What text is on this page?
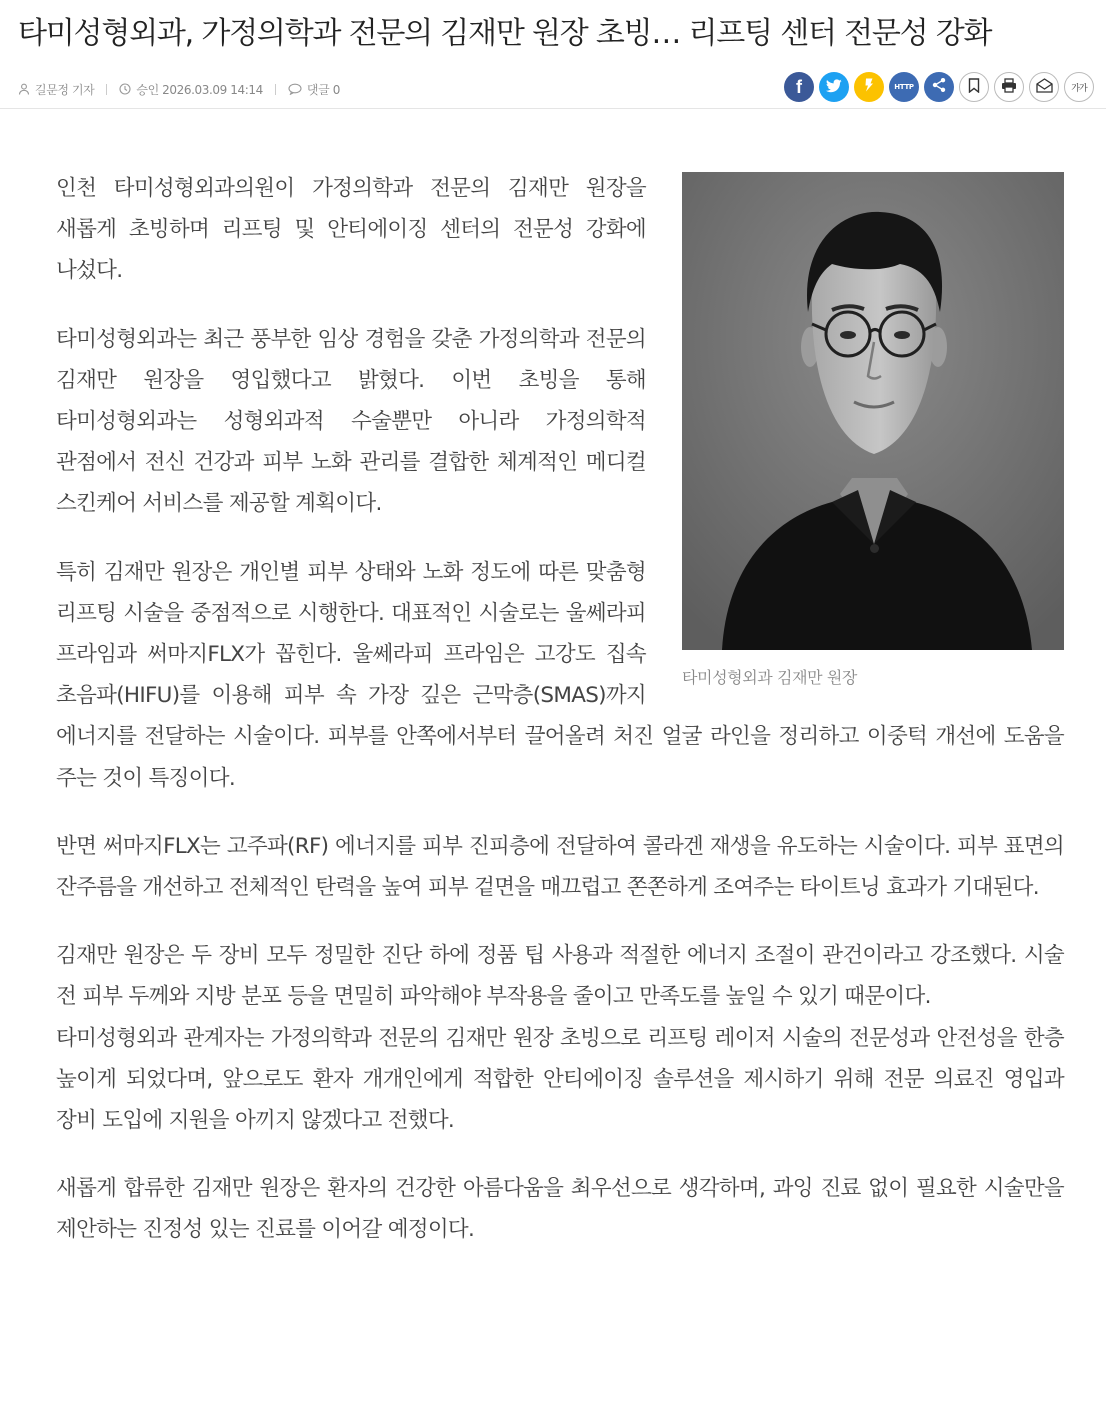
타미성형외과, 가정의학과 전문의 김재만 원장 초빙… 리프팅 센터 전문성 강화
길문정 기자	승인 2026.03.09 14:14	댓글 0	f	HTTP	가가
타미성형외과 김재만 원장

인천 타미성형외과의원이 가정의학과 전문의 김재만 원장을 새롭게 초빙하며 리프팅 및 안티에이징 센터의 전문성 강화에 나섰다.

타미성형외과는 최근 풍부한 임상 경험을 갖춘 가정의학과 전문의 김재만 원장을 영입했다고 밝혔다. 이번 초빙을 통해 타미성형외과는 성형외과적 수술뿐만 아니라 가정의학적 관점에서 전신 건강과 피부 노화 관리를 결합한 체계적인 메디컬 스킨케어 서비스를 제공할 계획이다.

특히 김재만 원장은 개인별 피부 상태와 노화 정도에 따른 맞춤형 리프팅 시술을 중점적으로 시행한다. 대표적인 시술로는 울쎄라피 프라임과 써마지FLX가 꼽힌다. 울쎄라피 프라임은 고강도 집속 초음파(HIFU)를 이용해 피부 속 가장 깊은 근막층(SMAS)까지 에너지를 전달하는 시술이다. 피부를 안쪽에서부터 끌어올려 처진 얼굴 라인을 정리하고 이중턱 개선에 도움을 주는 것이 특징이다.

반면 써마지FLX는 고주파(RF) 에너지를 피부 진피층에 전달하여 콜라겐 재생을 유도하는 시술이다. 피부 표면의 잔주름을 개선하고 전체적인 탄력을 높여 피부 겉면을 매끄럽고 쫀쫀하게 조여주는 타이트닝 효과가 기대된다.

김재만 원장은 두 장비 모두 정밀한 진단 하에 정품 팁 사용과 적절한 에너지 조절이 관건이라고 강조했다. 시술 전 피부 두께와 지방 분포 등을 면밀히 파악해야 부작용을 줄이고 만족도를 높일 수 있기 때문이다.

타미성형외과 관계자는 가정의학과 전문의 김재만 원장 초빙으로 리프팅 레이저 시술의 전문성과 안전성을 한층 높이게 되었다며, 앞으로도 환자 개개인에게 적합한 안티에이징 솔루션을 제시하기 위해 전문 의료진 영입과 장비 도입에 지원을 아끼지 않겠다고 전했다.

새롭게 합류한 김재만 원장은 환자의 건강한 아름다움을 최우선으로 생각하며, 과잉 진료 없이 필요한 시술만을 제안하는 진정성 있는 진료를 이어갈 예정이다.
